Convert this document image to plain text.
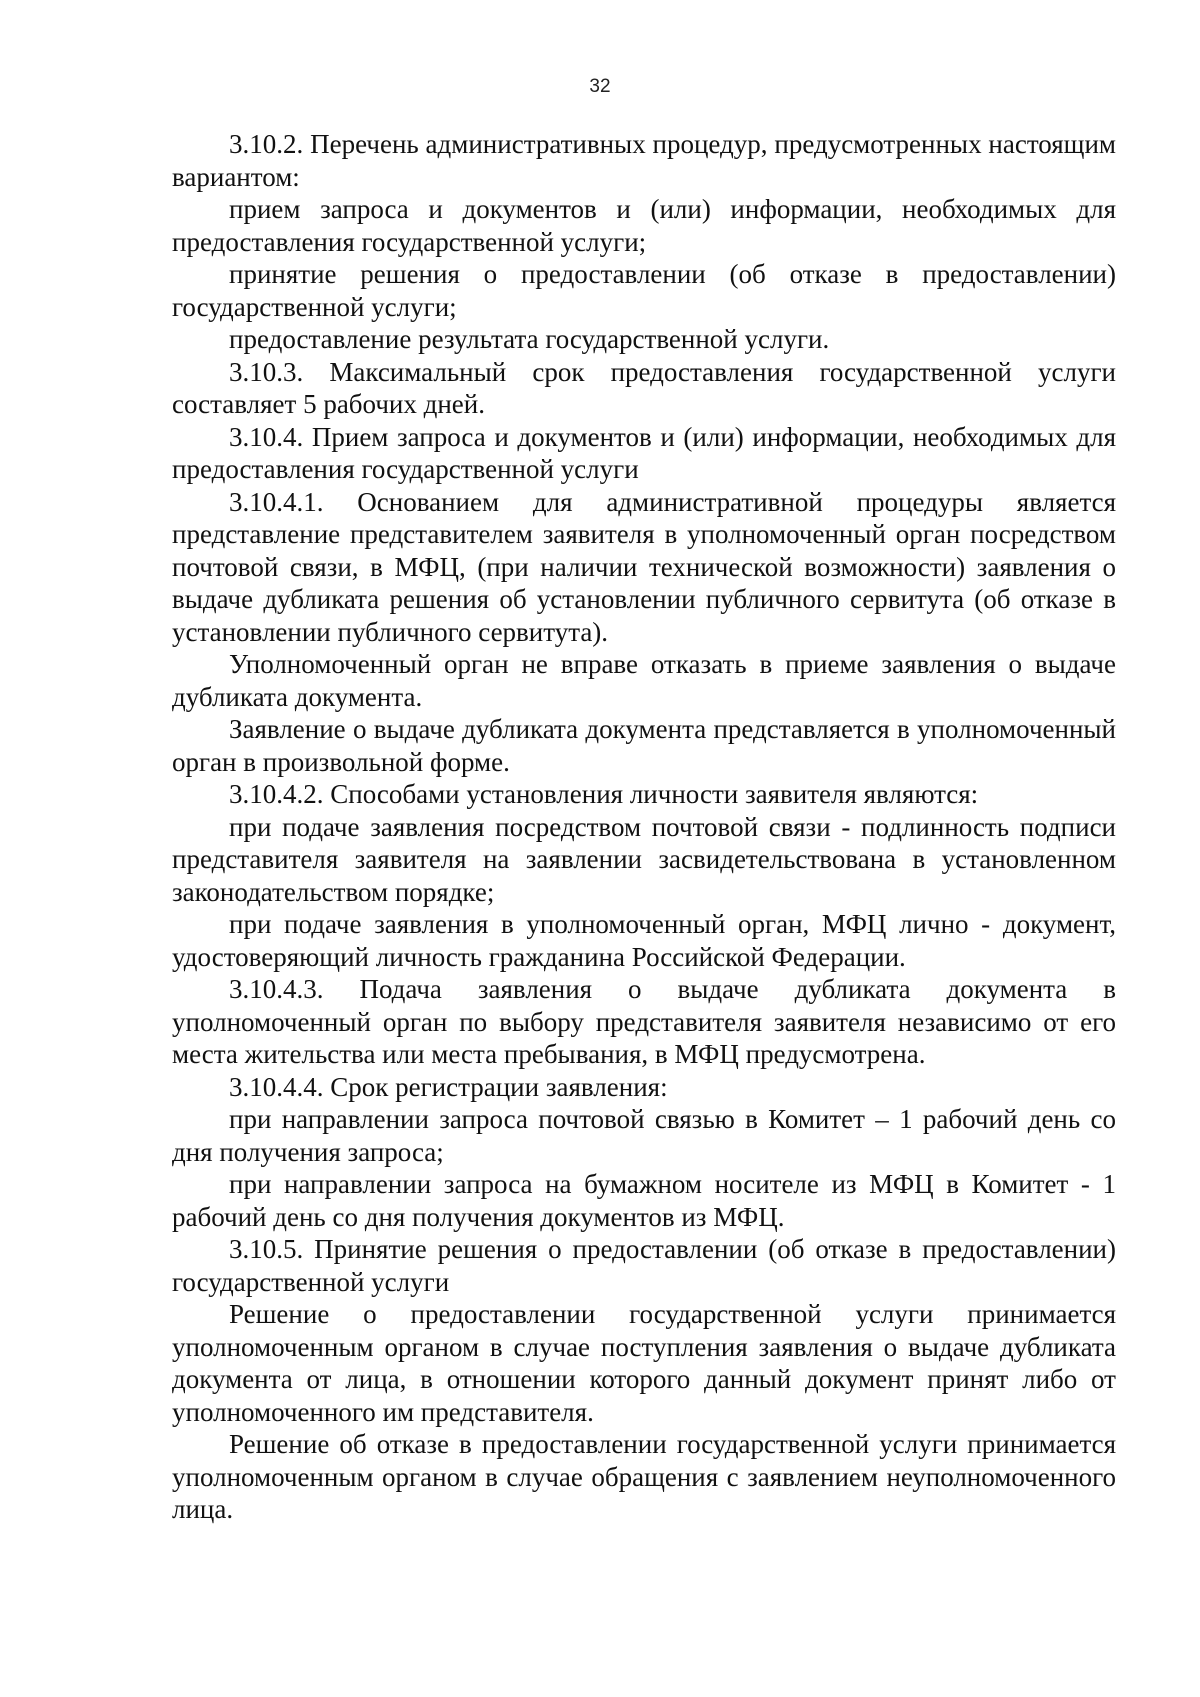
32

3.10.2. Перечень административных процедур, предусмотренных настоящим вариантом:

прием запроса и документов и (или) информации, необходимых для предоставления государственной услуги;

принятие решения о предоставлении (об отказе в предоставлении) государственной услуги;

предоставление результата государственной услуги.

3.10.3. Максимальный срок предоставления государственной услуги составляет 5 рабочих дней.

3.10.4. Прием запроса и документов и (или) информации, необходимых для предоставления государственной услуги

3.10.4.1. Основанием для административной процедуры является представление представителем заявителя в уполномоченный орган посредством почтовой связи, в МФЦ, (при наличии технической возможности) заявления о выдаче дубликата решения об установлении публичного сервитута (об отказе в установлении публичного сервитута).

Уполномоченный орган не вправе отказать в приеме заявления о выдаче дубликата документа.

Заявление о выдаче дубликата документа представляется в уполномоченный орган в произвольной форме.

3.10.4.2. Способами установления личности заявителя являются:

при подаче заявления посредством почтовой связи - подлинность подписи представителя заявителя на заявлении засвидетельствована в установленном законодательством порядке;

при подаче заявления в уполномоченный орган, МФЦ лично - документ, удостоверяющий личность гражданина Российской Федерации.

3.10.4.3. Подача заявления о выдаче дубликата документа в уполномоченный орган по выбору представителя заявителя независимо от его места жительства или места пребывания, в МФЦ предусмотрена.

3.10.4.4. Срок регистрации заявления:

при направлении запроса почтовой связью в Комитет – 1 рабочий день со дня получения запроса;

при направлении запроса на бумажном носителе из МФЦ в Комитет - 1 рабочий день со дня получения документов из МФЦ.

3.10.5. Принятие решения о предоставлении (об отказе в предоставлении) государственной услуги

Решение о предоставлении государственной услуги принимается уполномоченным органом в случае поступления заявления о выдаче дубликата документа от лица, в отношении которого данный документ принят либо от уполномоченного им представителя.

Решение об отказе в предоставлении государственной услуги принимается уполномоченным органом в случае обращения с заявлением неуполномоченного лица.
